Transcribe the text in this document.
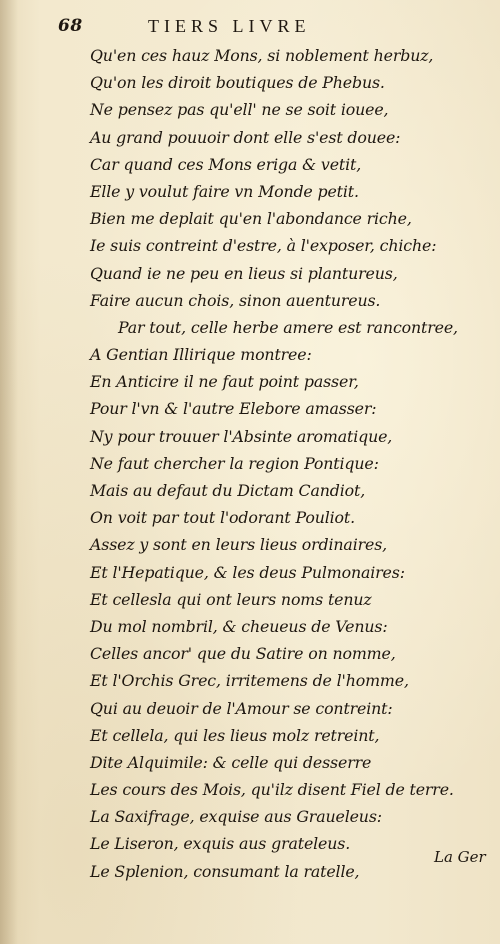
68	TIERS LIVRE
Qu'en ces hauz Mons, si noblement herbuz,
Qu'on les diroit boutiques de Phebus.
Ne pensez pas qu'ell' ne se soit iouee,
Au grand pouuoir dont elle s'est douee:
Car quand ces Mons eriga & vetit,
Elle y voulut faire vn Monde petit.
Bien me deplait qu'en l'abondance riche,
Ie suis contreint d'estre, à l'exposer, chiche:
Quand ie ne peu en lieus si plantureus,
Faire aucun chois, sinon auentureus.
Par tout, celle herbe amere est rancontree,
A Gentian Illirique montree:
En Anticire il ne faut point passer,
Pour l'vn & l'autre Elebore amasser:
Ny pour trouuer l'Absinte aromatique,
Ne faut chercher la region Pontique:
Mais au defaut du Dictam Candiot,
On voit par tout l'odorant Pouliot.
Assez y sont en leurs lieus ordinaires,
Et l'Hepatique, & les deus Pulmonaires:
Et cellesla qui ont leurs noms tenuz
Du mol nombril, & cheueus de Venus:
Celles ancor' que du Satire on nomme,
Et l'Orchis Grec, irritemens de l'homme,
Qui au deuoir de l'Amour se contreint:
Et cellela, qui les lieus molz retreint,
Dite Alquimile: & celle qui desserre
Les cours des Mois, qu'ilz disent Fiel de terre.
La Saxifrage, exquise aus Graueleus:
Le Liseron, exquis aus grateleus.
Le Splenion, consumant la ratelle,
La Ger
